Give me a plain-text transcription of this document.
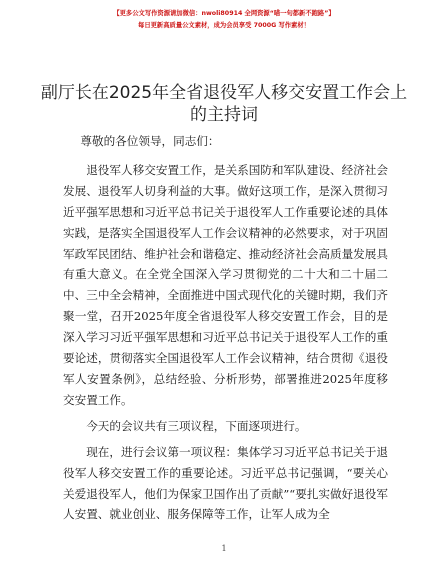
【更多公文写作资源请加微信：nwoli80914 全网资源“喵一句都新不跑路”】
每日更新高质量公文素材，成为会员享受 7000G 写作素材！
副厅长在2025年全省退役军人移交安置工作会上的主持词

尊敬的各位领导，同志们：

退役军人移交安置工作，是关系国防和军队建设、经济社会发展、退役军人切身利益的大事。做好这项工作，是深入贯彻习近平强军思想和习近平总书记关于退役军人工作重要论述的具体实践，是落实全国退役军人工作会议精神的必然要求，对于巩固军政军民团结、维护社会和谐稳定、推动经济社会高质量发展具有重大意义。在全党全国深入学习贯彻党的二十大和二十届二中、三中全会精神，全面推进中国式现代化的关键时期，我们齐聚一堂，召开2025年度全省退役军人移交安置工作会，目的是深入学习习近平强军思想和习近平总书记关于退役军人工作的重要论述，贯彻落实全国退役军人工作会议精神，结合贯彻《退役军人安置条例》，总结经验、分析形势，部署推进2025年度移交安置工作。

今天的会议共有三项议程，下面逐项进行。

现在，进行会议第一项议程：集体学习习近平总书记关于退役军人移交安置工作的重要论述。习近平总书记强调，“要关心关爱退役军人，他们为保家卫国作出了贡献”“要扎实做好退役军人安置、就业创业、服务保障等工作，让军人成为全

1
